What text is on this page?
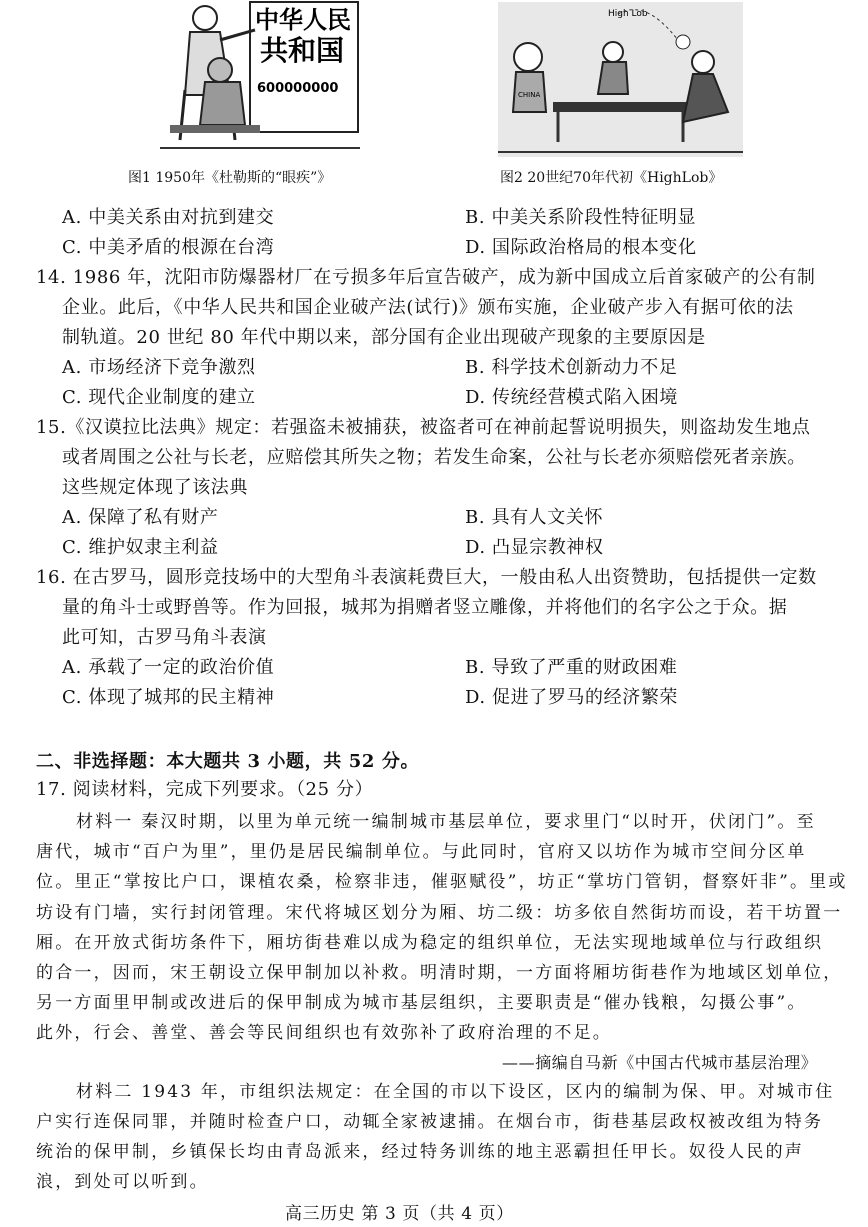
中华人民
共和国
600000000
图1 1950年《杜勒斯的“眼疾”》
High Lob
CHINA
图2 20世纪70年代初《HighLob》
A. 中美关系由对抗到建交	B. 中美关系阶段性特征明显
C. 中美矛盾的根源在台湾	D. 国际政治格局的根本变化
14. 1986 年，沈阳市防爆器材厂在亏损多年后宣告破产，成为新中国成立后首家破产的公有制
企业。此后，《中华人民共和国企业破产法(试行)》颁布实施，企业破产步入有据可依的法
制轨道。20 世纪 80 年代中期以来，部分国有企业出现破产现象的主要原因是
A. 市场经济下竞争激烈	B. 科学技术创新动力不足
C. 现代企业制度的建立	D. 传统经营模式陷入困境
15.《汉谟拉比法典》规定：若强盗未被捕获，被盗者可在神前起誓说明损失，则盗劫发生地点
或者周围之公社与长老，应赔偿其所失之物；若发生命案，公社与长老亦须赔偿死者亲族。
这些规定体现了该法典
A. 保障了私有财产	B. 具有人文关怀
C. 维护奴隶主利益	D. 凸显宗教神权
16. 在古罗马，圆形竞技场中的大型角斗表演耗费巨大，一般由私人出资赞助，包括提供一定数
量的角斗士或野兽等。作为回报，城邦为捐赠者竖立雕像，并将他们的名字公之于众。据
此可知，古罗马角斗表演
A. 承载了一定的政治价值	B. 导致了严重的财政困难
C. 体现了城邦的民主精神	D. 促进了罗马的经济繁荣
二、非选择题：本大题共 3 小题，共 52 分。
17. 阅读材料，完成下列要求。（25 分）
材料一 秦汉时期，以里为单元统一编制城市基层单位，要求里门“以时开，伏闭门”。至
唐代，城市“百户为里”，里仍是居民编制单位。与此同时，官府又以坊作为城市空间分区单
位。里正“掌按比户口，课植农桑，检察非违，催驱赋役”，坊正“掌坊门管钥，督察奸非”。里或
坊设有门墙，实行封闭管理。宋代将城区划分为厢、坊二级：坊多依自然街坊而设，若干坊置一
厢。在开放式街坊条件下，厢坊街巷难以成为稳定的组织单位，无法实现地域单位与行政组织
的合一，因而，宋王朝设立保甲制加以补救。明清时期，一方面将厢坊街巷作为地域区划单位，
另一方面里甲制或改进后的保甲制成为城市基层组织，主要职责是“催办钱粮，勾摄公事”。
此外，行会、善堂、善会等民间组织也有效弥补了政府治理的不足。
——摘编自马新《中国古代城市基层治理》
材料二 1943 年，市组织法规定：在全国的市以下设区，区内的编制为保、甲。对城市住
户实行连保同罪，并随时检查户口，动辄全家被逮捕。在烟台市，街巷基层政权被改组为特务
统治的保甲制，乡镇保长均由青岛派来，经过特务训练的地主恶霸担任甲长。奴役人民的声
浪，到处可以听到。
高三历史 第 3 页（共 4 页）
